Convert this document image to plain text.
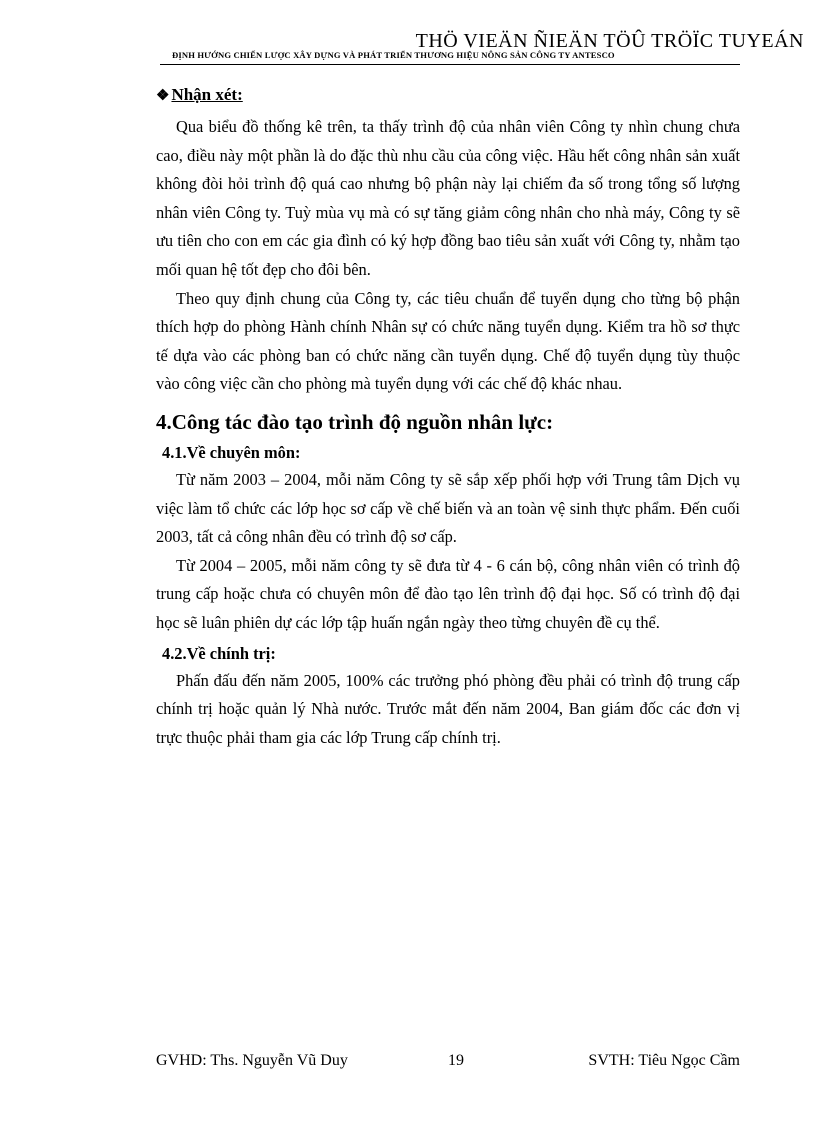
THÖ VIEÄN ÑIEÄN TÖÛ TRÖÏC TUYEÁN
ĐỊNH HƯỚNG CHIẾN LƯỢC XÂY DỰNG VÀ PHÁT TRIỂN THƯƠNG HIỆU NÔNG SẢN CÔNG TY ANTESCO
❖ Nhận xét:

Qua biểu đồ thống kê trên, ta thấy trình độ của nhân viên Công ty nhìn chung chưa cao, điều này một phần là do đặc thù nhu cầu của công việc. Hầu hết công nhân sản xuất không đòi hỏi trình độ quá cao nhưng bộ phận này lại chiếm đa số trong tổng số lượng nhân viên Công ty. Tuỳ mùa vụ mà có sự tăng giảm công nhân cho nhà máy, Công ty sẽ ưu tiên cho con em các gia đình có ký hợp đồng bao tiêu sản xuất với Công ty, nhằm tạo mối quan hệ tốt đẹp cho đôi bên.

Theo quy định chung của Công ty, các tiêu chuẩn để tuyển dụng cho từng bộ phận thích hợp do phòng Hành chính Nhân sự có chức năng tuyển dụng. Kiểm tra hồ sơ thực tế dựa vào các phòng ban có chức năng cần tuyển dụng. Chế độ tuyển dụng tùy thuộc vào công việc cần cho phòng mà tuyển dụng với các chế độ khác nhau.

4.Công tác đào tạo trình độ nguồn nhân lực:
4.1.Về chuyên môn:

Từ năm 2003 – 2004, mỗi năm Công ty sẽ sắp xếp phối hợp với Trung tâm Dịch vụ việc làm tổ chức các lớp học sơ cấp về chế biến và an toàn vệ sinh thực phẩm. Đến cuối 2003, tất cả công nhân đều có trình độ sơ cấp.

Từ 2004 – 2005, mỗi năm công ty sẽ đưa từ 4 - 6 cán bộ, công nhân viên có trình độ trung cấp hoặc chưa có chuyên môn để đào tạo lên trình độ đại học. Số có trình độ đại học sẽ luân phiên dự các lớp tập huấn ngắn ngày theo từng chuyên đề cụ thể.

4.2.Về chính trị:

Phấn đấu đến năm 2005, 100% các trưởng phó phòng đều phải có trình độ trung cấp chính trị hoặc quản lý Nhà nước. Trước mắt đến năm 2004, Ban giám đốc các đơn vị trực thuộc phải tham gia các lớp Trung cấp chính trị.

GVHD: Ths. Nguyễn Vũ Duy	19	SVTH: Tiêu Ngọc Cầm
